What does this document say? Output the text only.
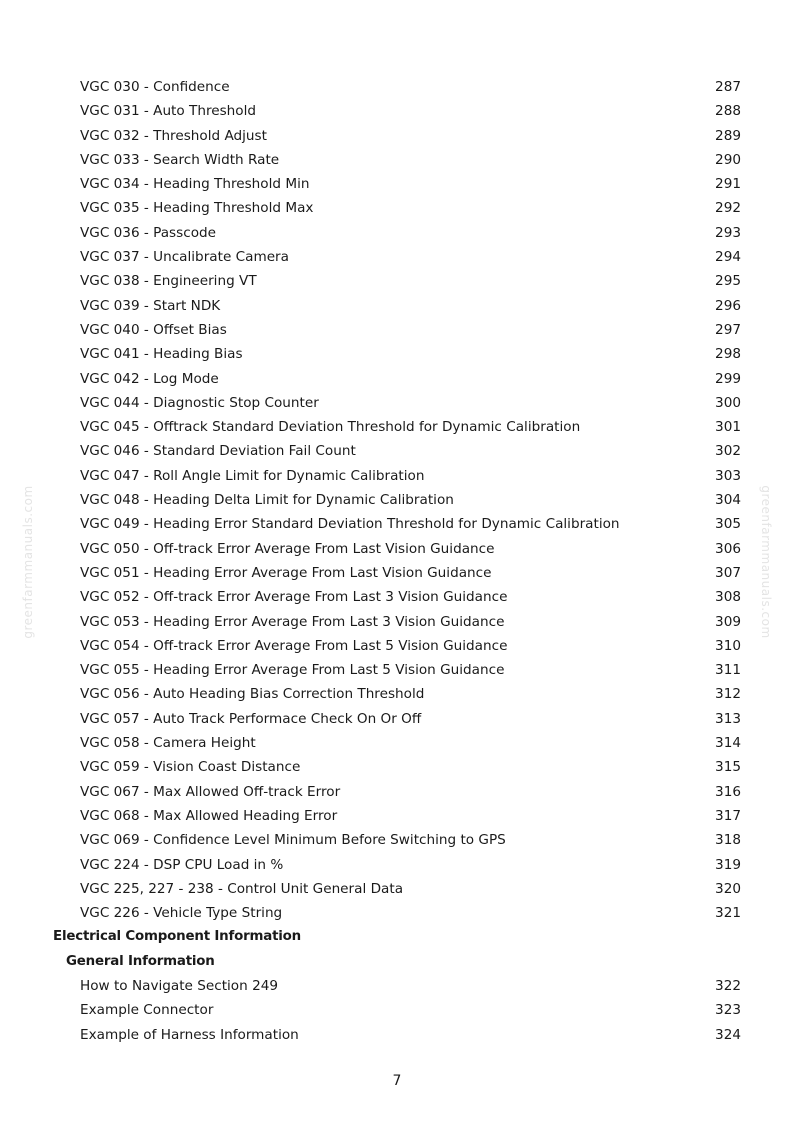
greenfarmmanuals.com	greenfarmmanuals.com
VGC 030 - Confidence	287
VGC 031 - Auto Threshold	288
VGC 032 - Threshold Adjust	289
VGC 033 - Search Width Rate	290
VGC 034 - Heading Threshold Min	291
VGC 035 - Heading Threshold Max	292
VGC 036 - Passcode	293
VGC 037 - Uncalibrate Camera	294
VGC 038 - Engineering VT	295
VGC 039 - Start NDK	296
VGC 040 - Offset Bias	297
VGC 041 - Heading Bias	298
VGC 042 - Log Mode	299
VGC 044 - Diagnostic Stop Counter	300
VGC 045 - Offtrack Standard Deviation Threshold for Dynamic Calibration	301
VGC 046 - Standard Deviation Fail Count	302
VGC 047 - Roll Angle Limit for Dynamic Calibration	303
VGC 048 - Heading Delta Limit for Dynamic Calibration	304
VGC 049 - Heading Error Standard Deviation Threshold for Dynamic Calibration	305
VGC 050 - Off-track Error Average From Last Vision Guidance	306
VGC 051 - Heading Error Average From Last Vision Guidance	307
VGC 052 - Off-track Error Average From Last 3 Vision Guidance	308
VGC 053 - Heading Error Average From Last 3 Vision Guidance	309
VGC 054 - Off-track Error Average From Last 5 Vision Guidance	310
VGC 055 - Heading Error Average From Last 5 Vision Guidance	311
VGC 056 - Auto Heading Bias Correction Threshold	312
VGC 057 - Auto Track Performace Check On Or Off	313
VGC 058 - Camera Height	314
VGC 059 - Vision Coast Distance	315
VGC 067 - Max Allowed Off-track Error	316
VGC 068 - Max Allowed Heading Error	317
VGC 069 - Confidence Level Minimum Before Switching to GPS	318
VGC 224 - DSP CPU Load in %	319
VGC 225, 227 - 238 - Control Unit General Data	320
VGC 226 - Vehicle Type String	321
Electrical Component Information
General Information
How to Navigate Section 249	322
Example Connector	323
Example of Harness Information	324
7
